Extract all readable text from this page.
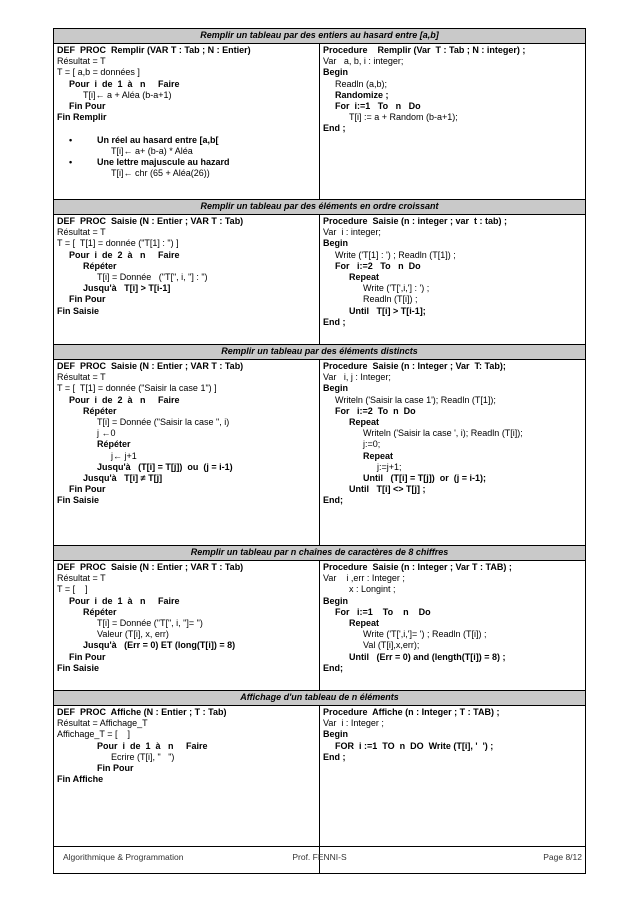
Remplir un tableau par des entiers au hasard entre [a,b]

DEF  PROC  Remplir (VAR T : Tab ; N : Entier)
Résultat = T
T = [ a,b = données ]
Pour  i  de  1  à   n     Faire
T[i]← a + Aléa (b-a+1)
Fin Pour
Fin Remplir

•	Un réel au hasard entre [a,b[
T[i]← a+ (b-a) * Aléa
•	Une lettre majuscule au hazard
T[i]← chr (65 + Aléa(26))

Procedure    Remplir (Var  T : Tab ; N : integer) ;
Var   a, b, i : integer;
Begin
Readln (a,b);
Randomize ;
For  i:=1   To   n   Do
T[i] := a + Random (b-a+1);
End ;
Remplir un tableau par des éléments en ordre croissant

DEF  PROC  Saisie (N : Entier ; VAR T : Tab)
Résultat = T
T = [  T[1] = donnée ("T[1] : ") ]
Pour  i  de  2  à   n     Faire
Répéter
T[i] = Donnée   ("T[", i, "] : ")
Jusqu'à   T[i] > T[i-1]
Fin Pour
Fin Saisie

Procedure  Saisie (n : integer ; var  t : tab) ;
Var  i : integer;
Begin
Write ('T[1] : ') ; Readln (T[1]) ;
For   i:=2   To   n  Do
Repeat
Write ('T[',i,'] : ') ;
Readln (T[i]) ;
Until   T[i] > T[i-1];
End ;
Remplir un tableau par des éléments distincts

DEF  PROC  Saisie (N : Entier ; VAR T : Tab)
Résultat = T
T = [  T[1] = donnée ("Saisir la case 1") ]
Pour  i  de  2  à   n     Faire
Répéter
T[i] = Donnée ("Saisir la case ", i)
j ←0
Répéter
j← j+1
Jusqu'à   (T[i] = T[j])  ou  (j = i-1)
Jusqu'à   T[i] ≠ T[j]
Fin Pour
Fin Saisie

Procedure  Saisie (n : Integer ; Var  T: Tab);
Var   i, j : Integer;
Begin
Writeln ('Saisir la case 1'); Readln (T[1]);
For   i:=2  To  n  Do
Repeat
Writeln ('Saisir la case ', i); Readln (T[i]);
j:=0;
Repeat
j:=j+1;
Until   (T[i] = T[j])  or  (j = i-1);
Until   T[i] <> T[j] ;
End;
Remplir un tableau par n chaînes de caractères de 8 chiffres

DEF  PROC  Saisie (N : Entier ; VAR T : Tab)
Résultat = T
T = [    ]
Pour  i  de  1  à   n     Faire
Répéter
T[i] = Donnée ("T[", i, "]= ")
Valeur (T[i], x, err)
Jusqu'à   (Err = 0) ET (long(T[i]) = 8)
Fin Pour
Fin Saisie

Procedure  Saisie (n : Integer ; Var T : TAB) ;
Var    i ,err : Integer ;
x : Longint ;
Begin
For   i:=1    To    n    Do
Repeat
Write ('T[',i,']= ') ; Readln (T[i]) ;
Val (T[i],x,err);
Until   (Err = 0) and (length(T[i]) = 8) ;
End;
Affichage d'un tableau de n éléments

DEF  PROC  Affiche (N : Entier ; T : Tab)
Résultat = Affichage_T
Affichage_T = [    ]
Pour  i  de  1  à   n     Faire
Ecrire (T[i], "   ")
Fin Pour
Fin Affiche

Procedure  Affiche (n : Integer ; T : TAB) ;
Var  i : Integer ;
Begin
FOR  i :=1  TO  n  DO  Write (T[i], '  ') ;
End ;
Algorithmique & Programmation	Prof. FENNI-S	Page 8/12
